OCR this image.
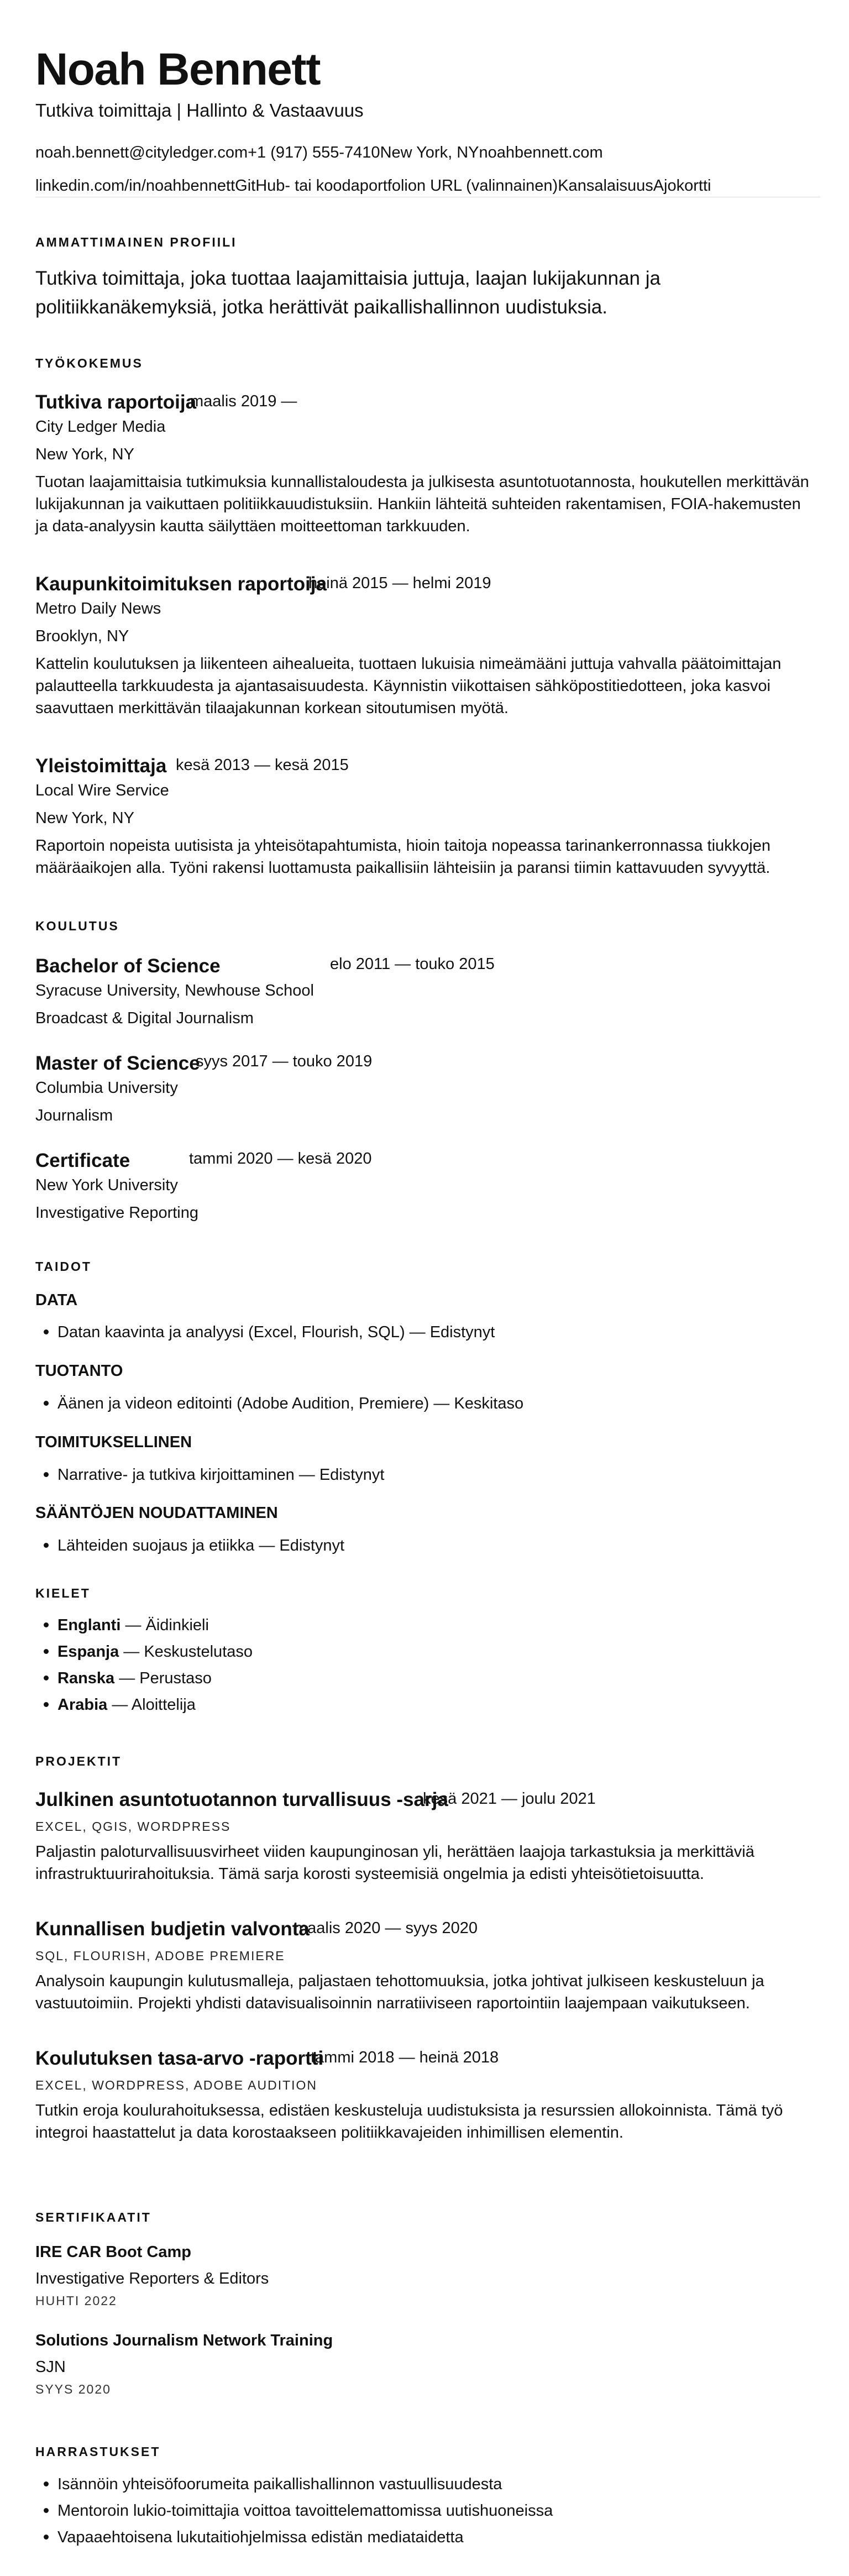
Noah Bennett

Tutkiva toimittaja | Hallinto & Vastaavuus

noah.bennett@cityledger.com+1 (917) 555-7410New York, NYnoahbennett.com
linkedin.com/in/noahbennettGitHub- tai koodaportfolion URL (valinnainen)KansalaisuusAjokortti
AMMATTIMAINEN PROFIILI

Tutkiva toimittaja, joka tuottaa laajamittaisia juttuja, laajan lukijakunnan ja politiikkanäkemyksiä, jotka herättivät paikallishallinnon uudistuksia.

TYÖKOKEMUS
Tutkiva raportoija
maalis 2019 —
City Ledger Media
New York, NY
Tuotan laajamittaisia tutkimuksia kunnallistaloudesta ja julkisesta asuntotuotannosta, houkutellen merkittävän lukijakunnan ja vaikuttaen politiikkauudistuksiin. Hankiin lähteitä suhteiden rakentamisen, FOIA-hakemusten ja data-analyysin kautta säilyttäen moitteettoman tarkkuuden.
Kaupunkitoimituksen raportoija
heinä 2015 — helmi 2019
Metro Daily News
Brooklyn, NY
Kattelin koulutuksen ja liikenteen aihealueita, tuottaen lukuisia nimeämääni juttuja vahvalla päätoimittajan palautteella tarkkuudesta ja ajantasaisuudesta. Käynnistin viikottaisen sähköpostitiedotteen, joka kasvoi saavuttaen merkittävän tilaajakunnan korkean sitoutumisen myötä.
Yleistoimittaja kesä 2013 — kesä 2015
Local Wire Service
New York, NY
Raportoin nopeista uutisista ja yhteisötapahtumista, hioin taitoja nopeassa tarinankerronnassa tiukkojen määräaikojen alla. Työni rakensi luottamusta paikallisiin lähteisiin ja paransi tiimin kattavuuden syvyyttä.
KOULUTUS
Bachelor of Science	elo 2011 — touko 2015
Syracuse University, Newhouse School
Broadcast & Digital Journalism
Master of Science
syys 2017 — touko 2019
Columbia University
Journalism
Certificate	tammi 2020 — kesä 2020
New York University
Investigative Reporting
TAIDOT
DATA
Datan kaavinta ja analyysi (Excel, Flourish, SQL) — Edistynyt
TUOTANTO
Äänen ja videon editointi (Adobe Audition, Premiere) — Keskitaso
TOIMITUKSELLINEN
Narrative- ja tutkiva kirjoittaminen — Edistynyt
SÄÄNTÖJEN NOUDATTAMINEN
Lähteiden suojaus ja etiikka — Edistynyt
KIELET
Englanti — Äidinkieli
Espanja — Keskustelutaso
Ranska — Perustaso
Arabia — Aloittelija
PROJEKTIT
Julkinen asuntotuotannon turvallisuus -sarja
kesä 2021 — joulu 2021
EXCEL, QGIS, WORDPRESS
Paljastin paloturvallisuusvirheet viiden kaupunginosan yli, herättäen laajoja tarkastuksia ja merkittäviä infrastruktuurirahoituksia. Tämä sarja korosti systeemisiä ongelmia ja edisti yhteisötietoisuutta.
Kunnallisen budjetin valvonta
maalis 2020 — syys 2020
SQL, FLOURISH, ADOBE PREMIERE
Analysoin kaupungin kulutusmalleja, paljastaen tehottomuuksia, jotka johtivat julkiseen keskusteluun ja vastuutoimiin. Projekti yhdisti datavisualisoinnin narratiiviseen raportointiin laajempaan vaikutukseen.
Koulutuksen tasa-arvo -raportti
tammi 2018 — heinä 2018
EXCEL, WORDPRESS, ADOBE AUDITION
Tutkin eroja koulurahoituksessa, edistäen keskusteluja uudistuksista ja resurssien allokoinnista. Tämä työ integroi haastattelut ja data korostaakseen politiikkavajeiden inhimillisen elementin.
SERTIFIKAATIT
IRE CAR Boot Camp
Investigative Reporters & Editors
HUHTI 2022
Solutions Journalism Network Training
SJN
SYYS 2020
HARRASTUKSET
Isännöin yhteisöfoorumeita paikallishallinnon vastuullisuudesta
Mentoroin lukio-toimittajia voittoa tavoittelemattomissa uutishuoneissa
Vapaaehtoisena lukutaitiohjelmissa edistän mediataidetta
